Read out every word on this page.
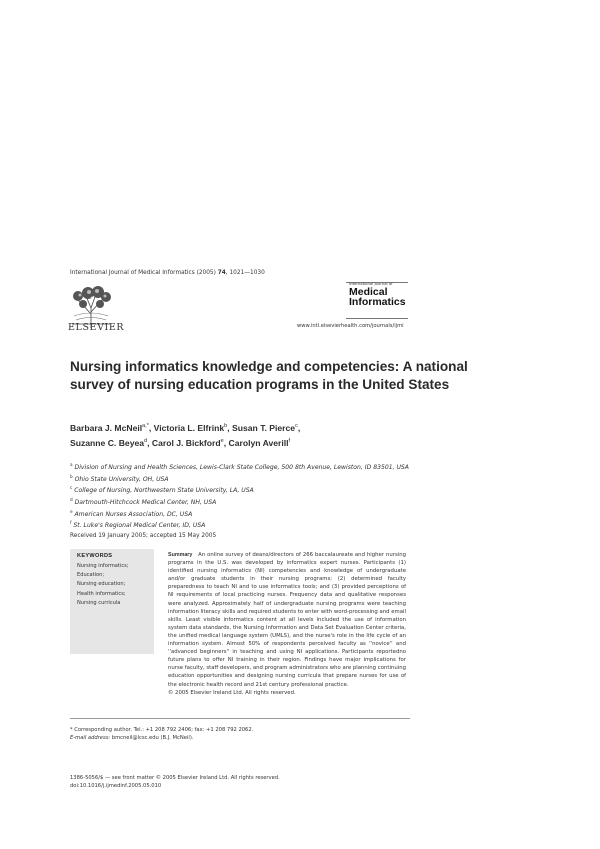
International Journal of Medical Informatics (2005) 74, 1021—1030
ELSEVIER
International Journal of
Medical
Informatics
www.intl.elsevierhealth.com/journals/ijmi
Nursing informatics knowledge and competencies: A national survey of nursing education programs in the United States
Barbara J. McNeil$^{a,*}$, Victoria L. Elfrink$^b$, Susan T. Pierce$^c$,
Suzanne C. Beyea$^d$, Carol J. Bickford$^e$, Carolyn Averill$^f$
$^a$ Division of Nursing and Health Sciences, Lewis-Clark State College, 500 8th Avenue, Lewiston, ID 83501, USA
$^b$ Ohio State University, OH, USA
$^c$ College of Nursing, Northwestern State University, LA, USA
$^d$ Dartmouth-Hitchcock Medical Center, NH, USA
$^e$ American Nurses Association, DC, USA
$^f$ St. Luke's Regional Medical Center, ID, USA
Received 19 January 2005; accepted 15 May 2005
KEYWORDS
Nursing informatics;
Education;
Nursing education;
Health informatics;
Nursing curricula
Summary An online survey of deans/directors of 266 baccalaureate and higher nursing programs in the U.S. was developed by informatics expert nurses. Participants (1) identified nursing informatics (NI) competencies and knowledge of undergraduate and/or graduate students in their nursing programs; (2) determined faculty preparedness to teach NI and to use informatics tools; and (3) provided perceptions of NI requirements of local practicing nurses. Frequency data and qualitative responses were analyzed. Approximately half of undergraduate nursing programs were teaching information literacy skills and required students to enter with word-processing and email skills. Least visible informatics content at all levels included the use of information system data standards, the Nursing Information and Data Set Evaluation Center criteria, the unified medical language system (UMLS), and the nurse's role in the life cycle of an information system. Almost 50% of respondents perceived faculty as ''novice'' and ''advanced beginners'' in teaching and using NI applications. Participants reportedno future plans to offer NI training in their region. Findings have major implications for nurse faculty, staff developers, and program administrators who are planning continuing education opportunities and designing nursing curricula that prepare nurses for use of the electronic health record and 21st century professional practice.
© 2005 Elsevier Ireland Ltd. All rights reserved.
* Corresponding author. Tel.: +1 208 792 2406; fax: +1 208 792 2062.
E-mail address: bmcneil@lcsc.edu (B.J. McNeil).
1386-5056/$ — see front matter © 2005 Elsevier Ireland Ltd. All rights reserved.
doi:10.1016/j.ijmedinf.2005.05.010
